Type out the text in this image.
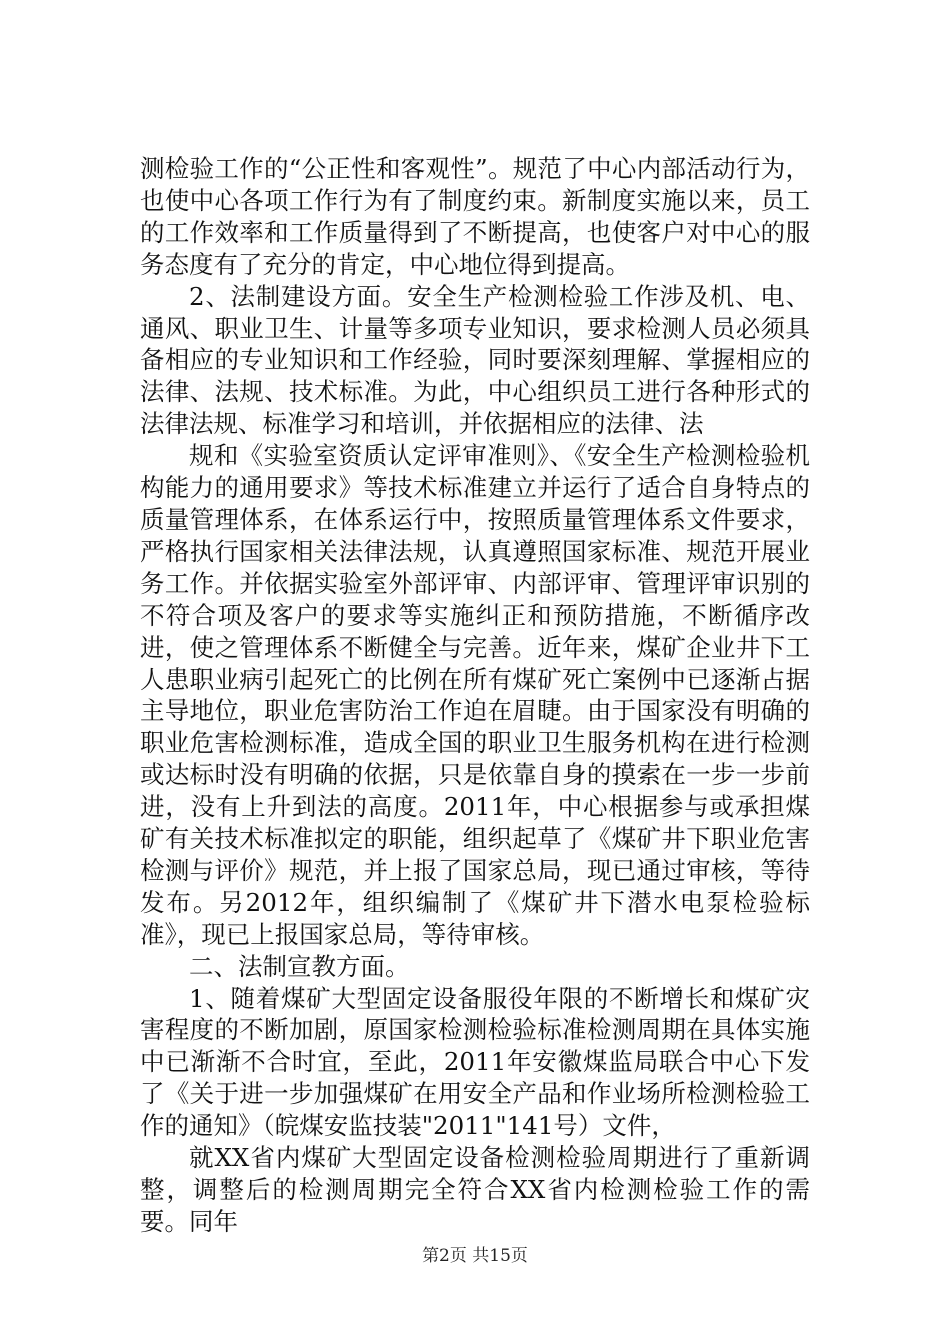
测检验工作的“公正性和客观性”。规范了中心内部活动行为，也使中心各项工作行为有了制度约束。新制度实施以来，员工的工作效率和工作质量得到了不断提高，也使客户对中心的服务态度有了充分的肯定，中心地位得到提高。

2、法制建设方面。安全生产检测检验工作涉及机、电、通风、职业卫生、计量等多项专业知识，要求检测人员必须具备相应的专业知识和工作经验，同时要深刻理解、掌握相应的法律、法规、技术标准。为此，中心组织员工进行各种形式的法律法规、标准学习和培训，并依据相应的法律、法

规和《实验室资质认定评审准则》、《安全生产检测检验机构能力的通用要求》等技术标准建立并运行了适合自身特点的质量管理体系，在体系运行中，按照质量管理体系文件要求，严格执行国家相关法律法规，认真遵照国家标准、规范开展业务工作。并依据实验室外部评审、内部评审、管理评审识别的不符合项及客户的要求等实施纠正和预防措施，不断循序改进，使之管理体系不断健全与完善。近年来，煤矿企业井下工人患职业病引起死亡的比例在所有煤矿死亡案例中已逐渐占据主导地位，职业危害防治工作迫在眉睫。由于国家没有明确的职业危害检测标准，造成全国的职业卫生服务机构在进行检测或达标时没有明确的依据，只是依靠自身的摸索在一步一步前进，没有上升到法的高度。2011年，中心根据参与或承担煤矿有关技术标准拟定的职能，组织起草了《煤矿井下职业危害检测与评价》规范，并上报了国家总局，现已通过审核，等待发布。另2012年，组织编制了《煤矿井下潜水电泵检验标准》，现已上报国家总局，等待审核。

二、法制宣教方面。

1、随着煤矿大型固定设备服役年限的不断增长和煤矿灾害程度的不断加剧，原国家检测检验标准检测周期在具体实施中已渐渐不合时宜，至此，2011年安徽煤监局联合中心下发了《关于进一步加强煤矿在用安全产品和作业场所检测检验工作的通知》（皖煤安监技装"2011"141号）文件，

就XX省内煤矿大型固定设备检测检验周期进行了重新调整，调整后的检测周期完全符合XX省内检测检验工作的需要。同年

第2页 共15页
